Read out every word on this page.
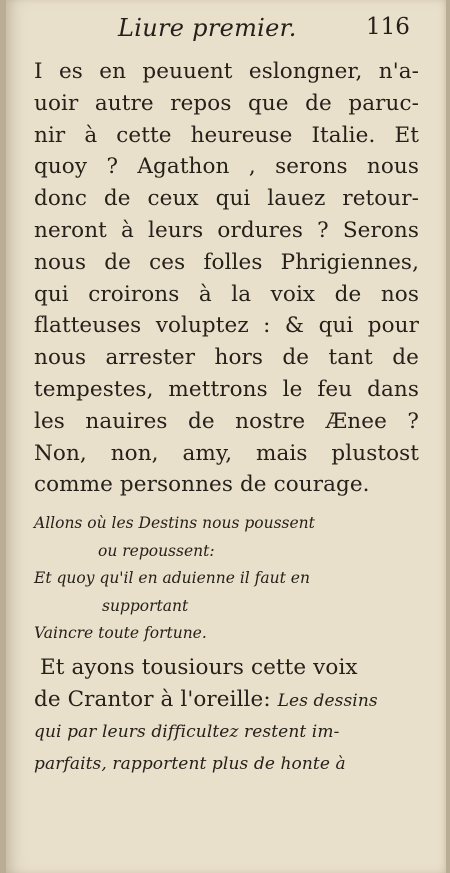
Liure premier.	116
I es en peuuent eslongner, n'a-
uoir autre repos que de paruc-
nir à cette heureuse Italie. Et
quoy ? Agathon , serons nous
donc de ceux qui lauez retour-
neront à leurs ordures ? Serons
nous de ces folles Phrigiennes,
qui croirons à la voix de nos
flatteuses voluptez : & qui pour
nous arrester hors de tant de
tempestes, mettrons le feu dans
les nauires de nostre Ænee ?
Non, non, amy, mais plustost
comme personnes de courage.
Allons où les Destins nous poussent
ou repoussent:
Et quoy qu'il en aduienne il faut en
supportant
Vaincre toute fortune.
Et ayons tousiours cette voix
de Crantor à l'oreille: Les dessins
qui par leurs difficultez restent im-
parfaits, rapportent plus de honte à
